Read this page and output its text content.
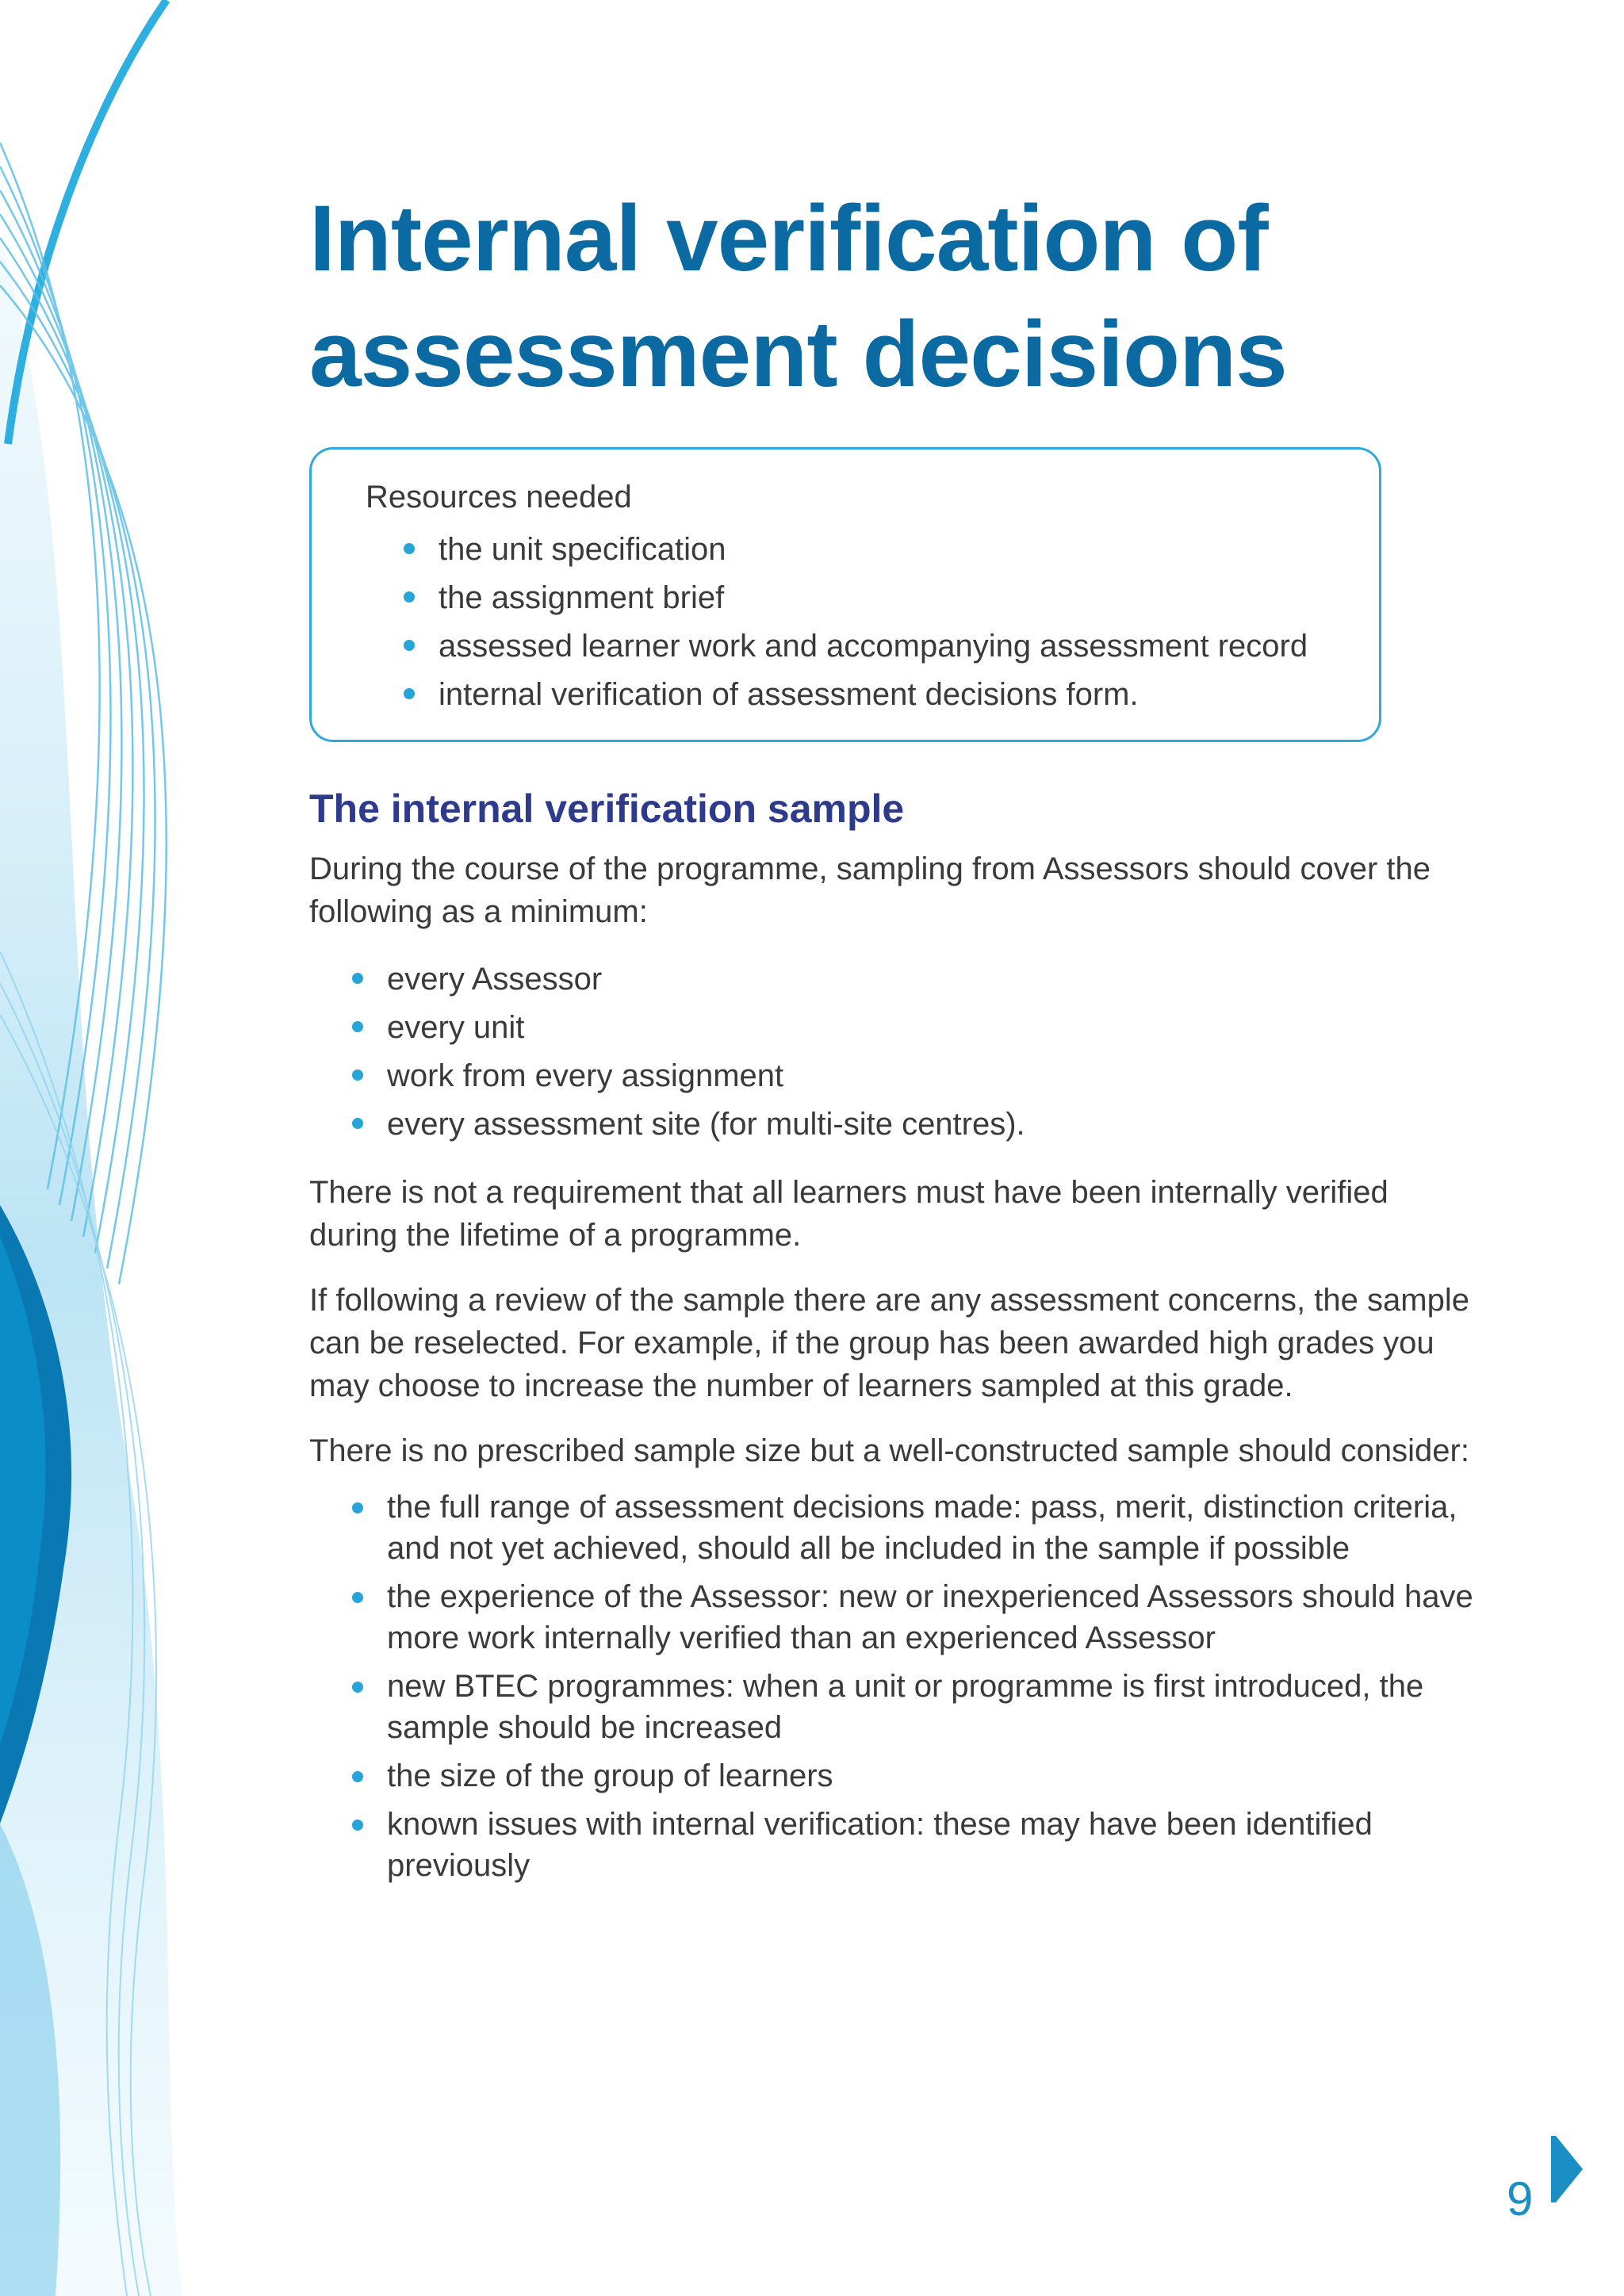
Internal verification of
assessment decisions
Resources needed
the unit specification
the assignment brief
assessed learner work and accompanying assessment record
internal verification of assessment decisions form.
The internal verification sample

During the course of the programme, sampling from Assessors should cover the following as a minimum:

every Assessor
every unit
work from every assignment
every assessment site (for multi-site centres).

There is not a requirement that all learners must have been internally verified during the lifetime of a programme.

If following a review of the sample there are any assessment concerns, the sample can be reselected. For example, if the group has been awarded high grades you may choose to increase the number of learners sampled at this grade.

There is no prescribed sample size but a well-constructed sample should consider:

the full range of assessment decisions made: pass, merit, distinction criteria, and not yet achieved, should all be included in the sample if possible
the experience of the Assessor: new or inexperienced Assessors should have more work internally verified than an experienced Assessor
new BTEC programmes: when a unit or programme is first introduced, the sample should be increased
the size of the group of learners
known issues with internal verification: these may have been identified previously
9
